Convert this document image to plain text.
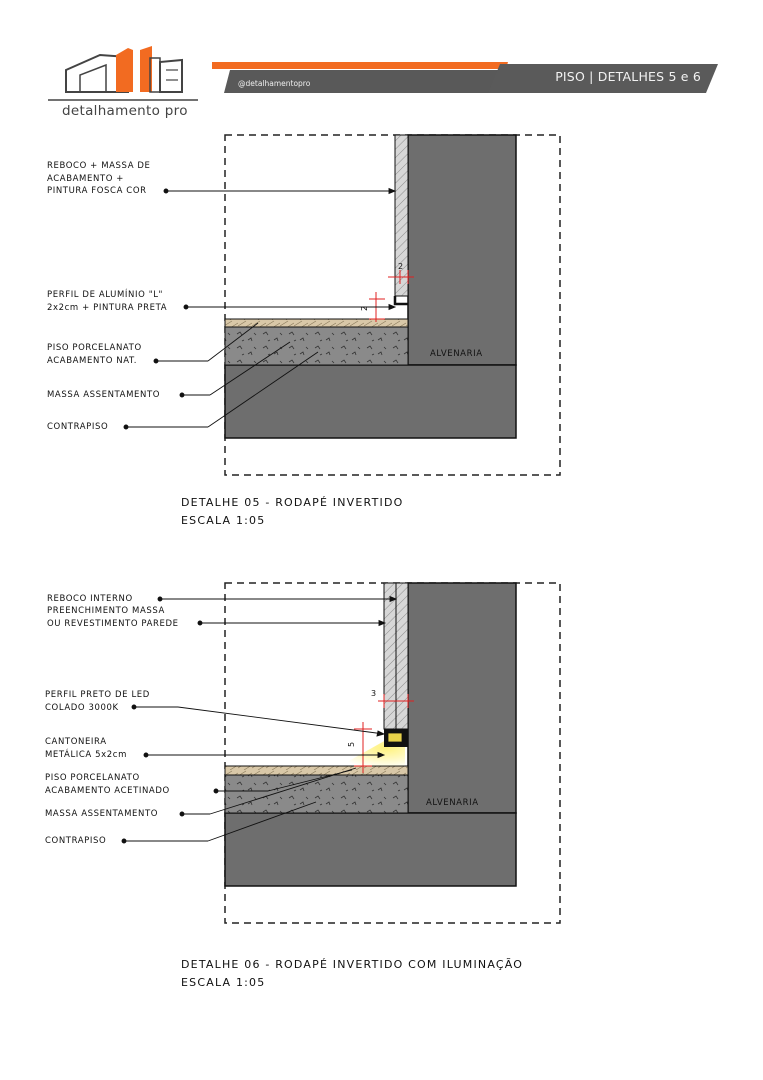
detalhamento pro
@detalhamentopro	PISO | DETALHES 5 e 6
2
2
ALVENARIA
REBOCO + MASSA DE
ACABAMENTO +
PINTURA FOSCA COR
PERFIL DE ALUMÍNIO "L"
2x2cm + PINTURA PRETA
PISO PORCELANATO
ACABAMENTO NAT.
MASSA ASSENTAMENTO
CONTRAPISO
DETALHE 05 - RODAPÉ INVERTIDO
ESCALA 1:05
3
5
ALVENARIA
REBOCO INTERNO
PREENCHIMENTO MASSA
OU REVESTIMENTO PAREDE
PERFIL PRETO DE LED
COLADO 3000K
CANTONEIRA
METÁLICA 5x2cm
PISO PORCELANATO
ACABAMENTO ACETINADO
MASSA ASSENTAMENTO
CONTRAPISO
DETALHE 06 - RODAPÉ INVERTIDO COM ILUMINAÇÃO
ESCALA 1:05
